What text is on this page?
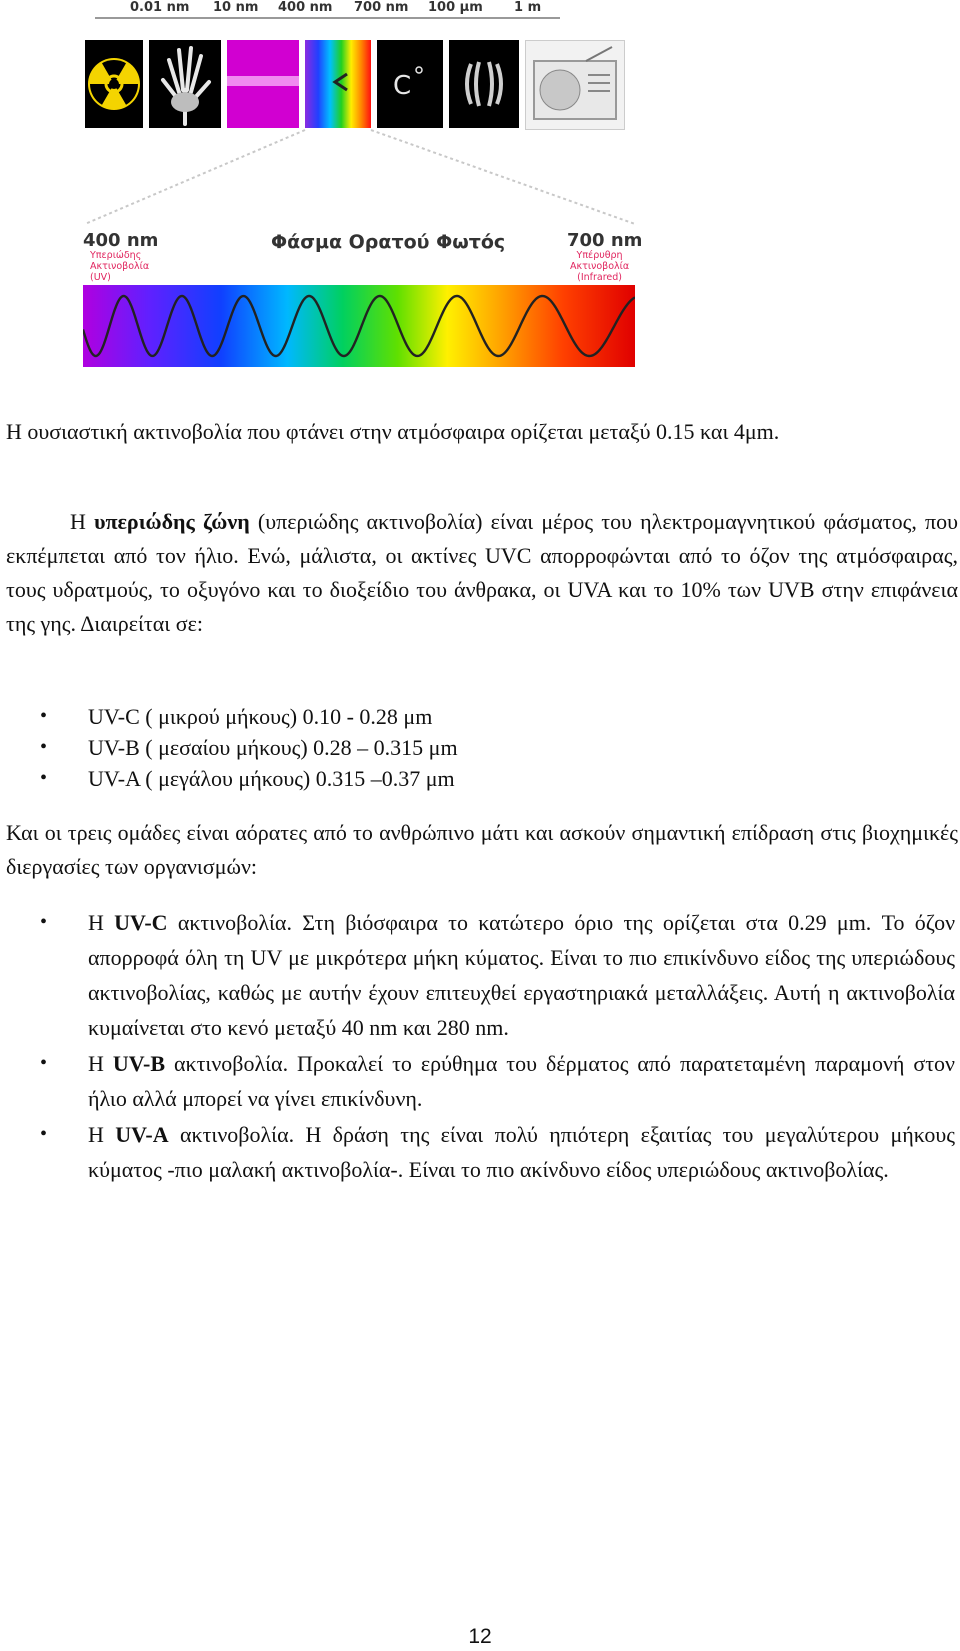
0.01 nm 10 nm 400 nm 700 nm 100 μm 1 m
C
400 nm	Φάσμα Ορατού Φωτός	700 nm
Υπεριώδης
Ακτινοβολία
(UV)
Υπέρυθρη
Ακτινοβολία
(Infrared)

Η ουσιαστική ακτινοβολία που φτάνει στην ατμόσφαιρα ορίζεται μεταξύ 0.15 και 4μm.

Η υπεριώδης ζώνη (υπεριώδης ακτινοβολία) είναι μέρος του ηλεκτρομαγνητικού φάσματος, που εκπέμπεται από τον ήλιο. Ενώ, μάλιστα, οι ακτίνες UVC απορροφώνται από το όζον της ατμόσφαιρας, τους υδρατμούς, το οξυγόνο και το διοξείδιο του άνθρακα, οι UVA και το 10% των UVB στην επιφάνεια της γης. Διαιρείται σε:

• UV-C ( μικρού μήκους) 0.10 - 0.28 μm
• UV-B ( μεσαίου μήκους) 0.28 – 0.315 μm
• UV-A ( μεγάλου μήκους) 0.315 –0.37 μm

Και οι τρεις ομάδες είναι αόρατες από το ανθρώπινο μάτι και ασκούν σημαντική επίδραση στις βιοχημικές διεργασίες των οργανισμών:

• Η UV-C ακτινοβολία. Στη βιόσφαιρα το κατώτερο όριο της ορίζεται στα 0.29 μm. Το όζον απορροφά όλη τη UV με μικρότερα μήκη κύματος. Είναι το πιο επικίνδυνο είδος της υπεριώδους ακτινοβολίας, καθώς με αυτήν έχουν επιτευχθεί εργαστηριακά μεταλλάξεις. Αυτή η ακτινοβολία κυμαίνεται στο κενό μεταξύ 40 nm και 280 nm.
• Η UV-B ακτινοβολία. Προκαλεί το ερύθημα του δέρματος από παρατεταμένη παραμονή στον ήλιο αλλά μπορεί να γίνει επικίνδυνη.
• Η UV-A ακτινοβολία. Η δράση της είναι πολύ ηπιότερη εξαιτίας του μεγαλύτερου μήκους κύματος -πιο μαλακή ακτινοβολία-. Είναι το πιο ακίνδυνο είδος υπεριώδους ακτινοβολίας.
12
